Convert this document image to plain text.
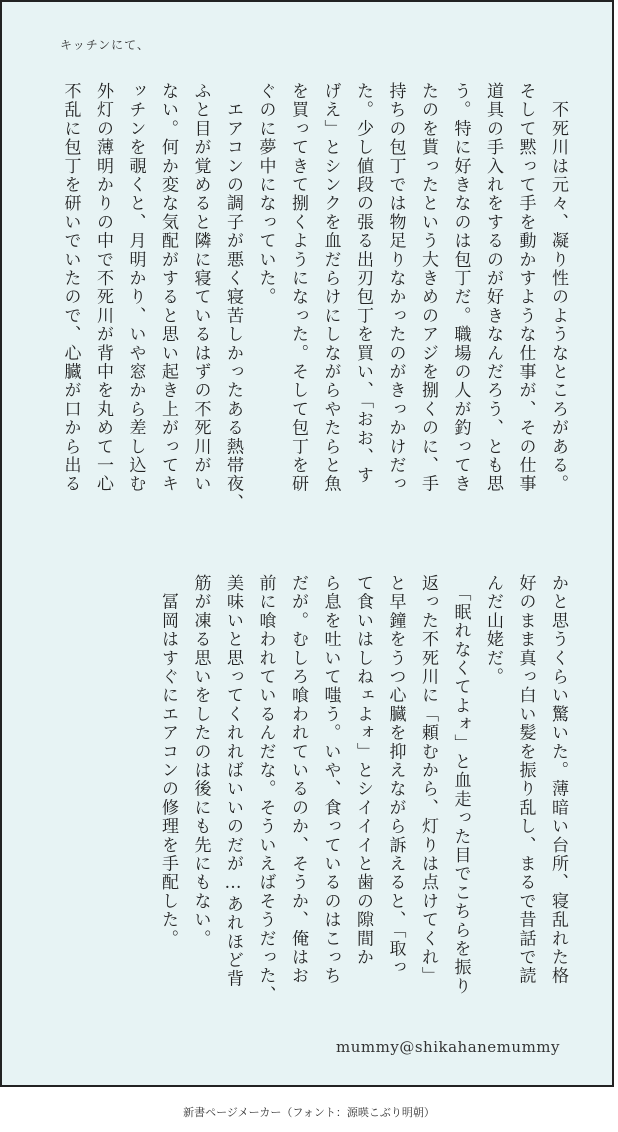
キッチンにて、
　不死川は元々、凝り性のようなところがある。
そして黙って手を動かすような仕事が、その仕事
道具の手入れをするのが好きなんだろう、とも思
う。特に好きなのは包丁だ。職場の人が釣ってき
たのを貰ったという大きめのアジを捌くのに、手
持ちの包丁では物足りなかったのがきっかけだっ
た。少し値段の張る出刃包丁を買い、「おお、す
げえ」とシンクを血だらけにしながらやたらと魚
を買ってきて捌くようになった。そして包丁を研
ぐのに夢中になっていた。
　エアコンの調子が悪く寝苦しかったある熱帯夜、
ふと目が覚めると隣に寝ているはずの不死川がい
ない。何か変な気配がすると思い起き上がってキ
ッチンを覗くと、月明かり、いや窓から差し込む
外灯の薄明かりの中で不死川が背中を丸めて一心
不乱に包丁を研いでいたので、心臓が口から出る
かと思うくらい驚いた。薄暗い台所、寝乱れた格
好のまま真っ白い髪を振り乱し、まるで昔話で読
んだ山姥だ。
　「眠れなくてよォ」と血走った目でこちらを振り
返った不死川に「頼むから、灯りは点けてくれ」
と早鐘をうつ心臓を抑えながら訴えると、「取っ
て食いはしねェよォ」とシイイイと歯の隙間か
ら息を吐いて嗤う。いや、食っているのはこっち
だが。むしろ喰われているのか、そうか、俺はお
前に喰われているんだな。そういえばそうだった、
美味いと思ってくれればいいのだが…あれほど背
筋が凍る思いをしたのは後にも先にもない。
　冨岡はすぐにエアコンの修理を手配した。
mummy@shikahanemummy
新書ページメーカー（フォント：源暎こぶり明朝）
